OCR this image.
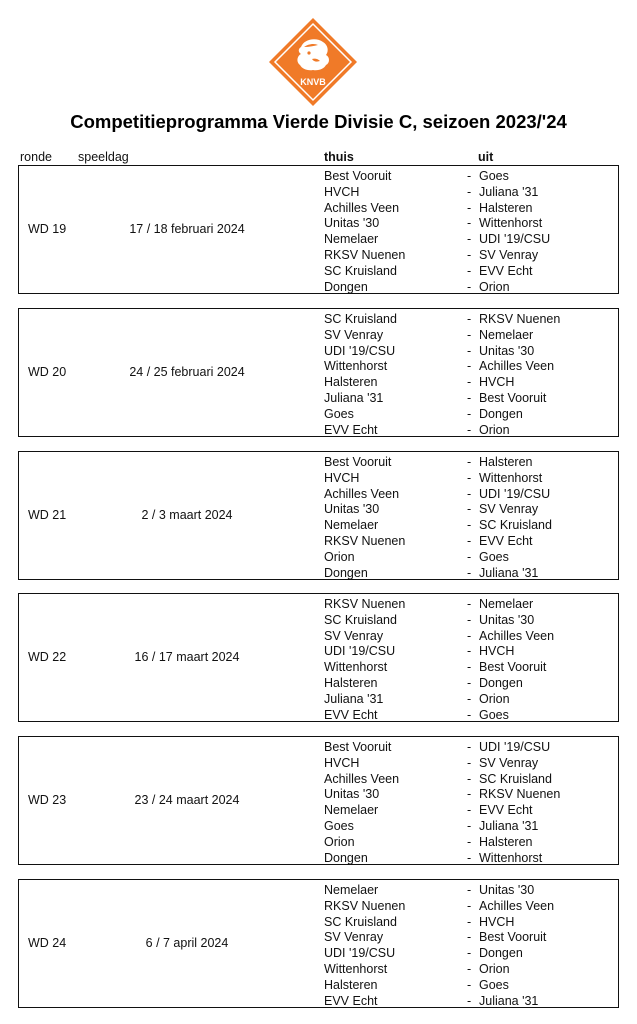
KNVB
Competitieprogramma Vierde Divisie C, seizoen 2023/'24
ronde speeldag	thuis	uit
WD 19	17 / 18 februari 2024
Best Vooruit	- Goes
HVCH	- Juliana '31
Achilles Veen	- Halsteren
Unitas '30	- Wittenhorst
Nemelaer	- UDI '19/CSU
RKSV Nuenen	- SV Venray
SC Kruisland	- EVV Echt
Dongen	- Orion
WD 20	24 / 25 februari 2024
SC Kruisland	- RKSV Nuenen
SV Venray	- Nemelaer
UDI '19/CSU	- Unitas '30
Wittenhorst	- Achilles Veen
Halsteren	- HVCH
Juliana '31	- Best Vooruit
Goes	- Dongen
EVV Echt	- Orion
WD 21	2 / 3 maart 2024
Best Vooruit	- Halsteren
HVCH	- Wittenhorst
Achilles Veen	- UDI '19/CSU
Unitas '30	- SV Venray
Nemelaer	- SC Kruisland
RKSV Nuenen	- EVV Echt
Orion	- Goes
Dongen	- Juliana '31
WD 22	16 / 17 maart 2024
RKSV Nuenen	- Nemelaer
SC Kruisland	- Unitas '30
SV Venray	- Achilles Veen
UDI '19/CSU	- HVCH
Wittenhorst	- Best Vooruit
Halsteren	- Dongen
Juliana '31	- Orion
EVV Echt	- Goes
WD 23	23 / 24 maart 2024
Best Vooruit	- UDI '19/CSU
HVCH	- SV Venray
Achilles Veen	- SC Kruisland
Unitas '30	- RKSV Nuenen
Nemelaer	- EVV Echt
Goes	- Juliana '31
Orion	- Halsteren
Dongen	- Wittenhorst
WD 24	6 / 7 april 2024
Nemelaer	- Unitas '30
RKSV Nuenen	- Achilles Veen
SC Kruisland	- HVCH
SV Venray	- Best Vooruit
UDI '19/CSU	- Dongen
Wittenhorst	- Orion
Halsteren	- Goes
EVV Echt	- Juliana '31
